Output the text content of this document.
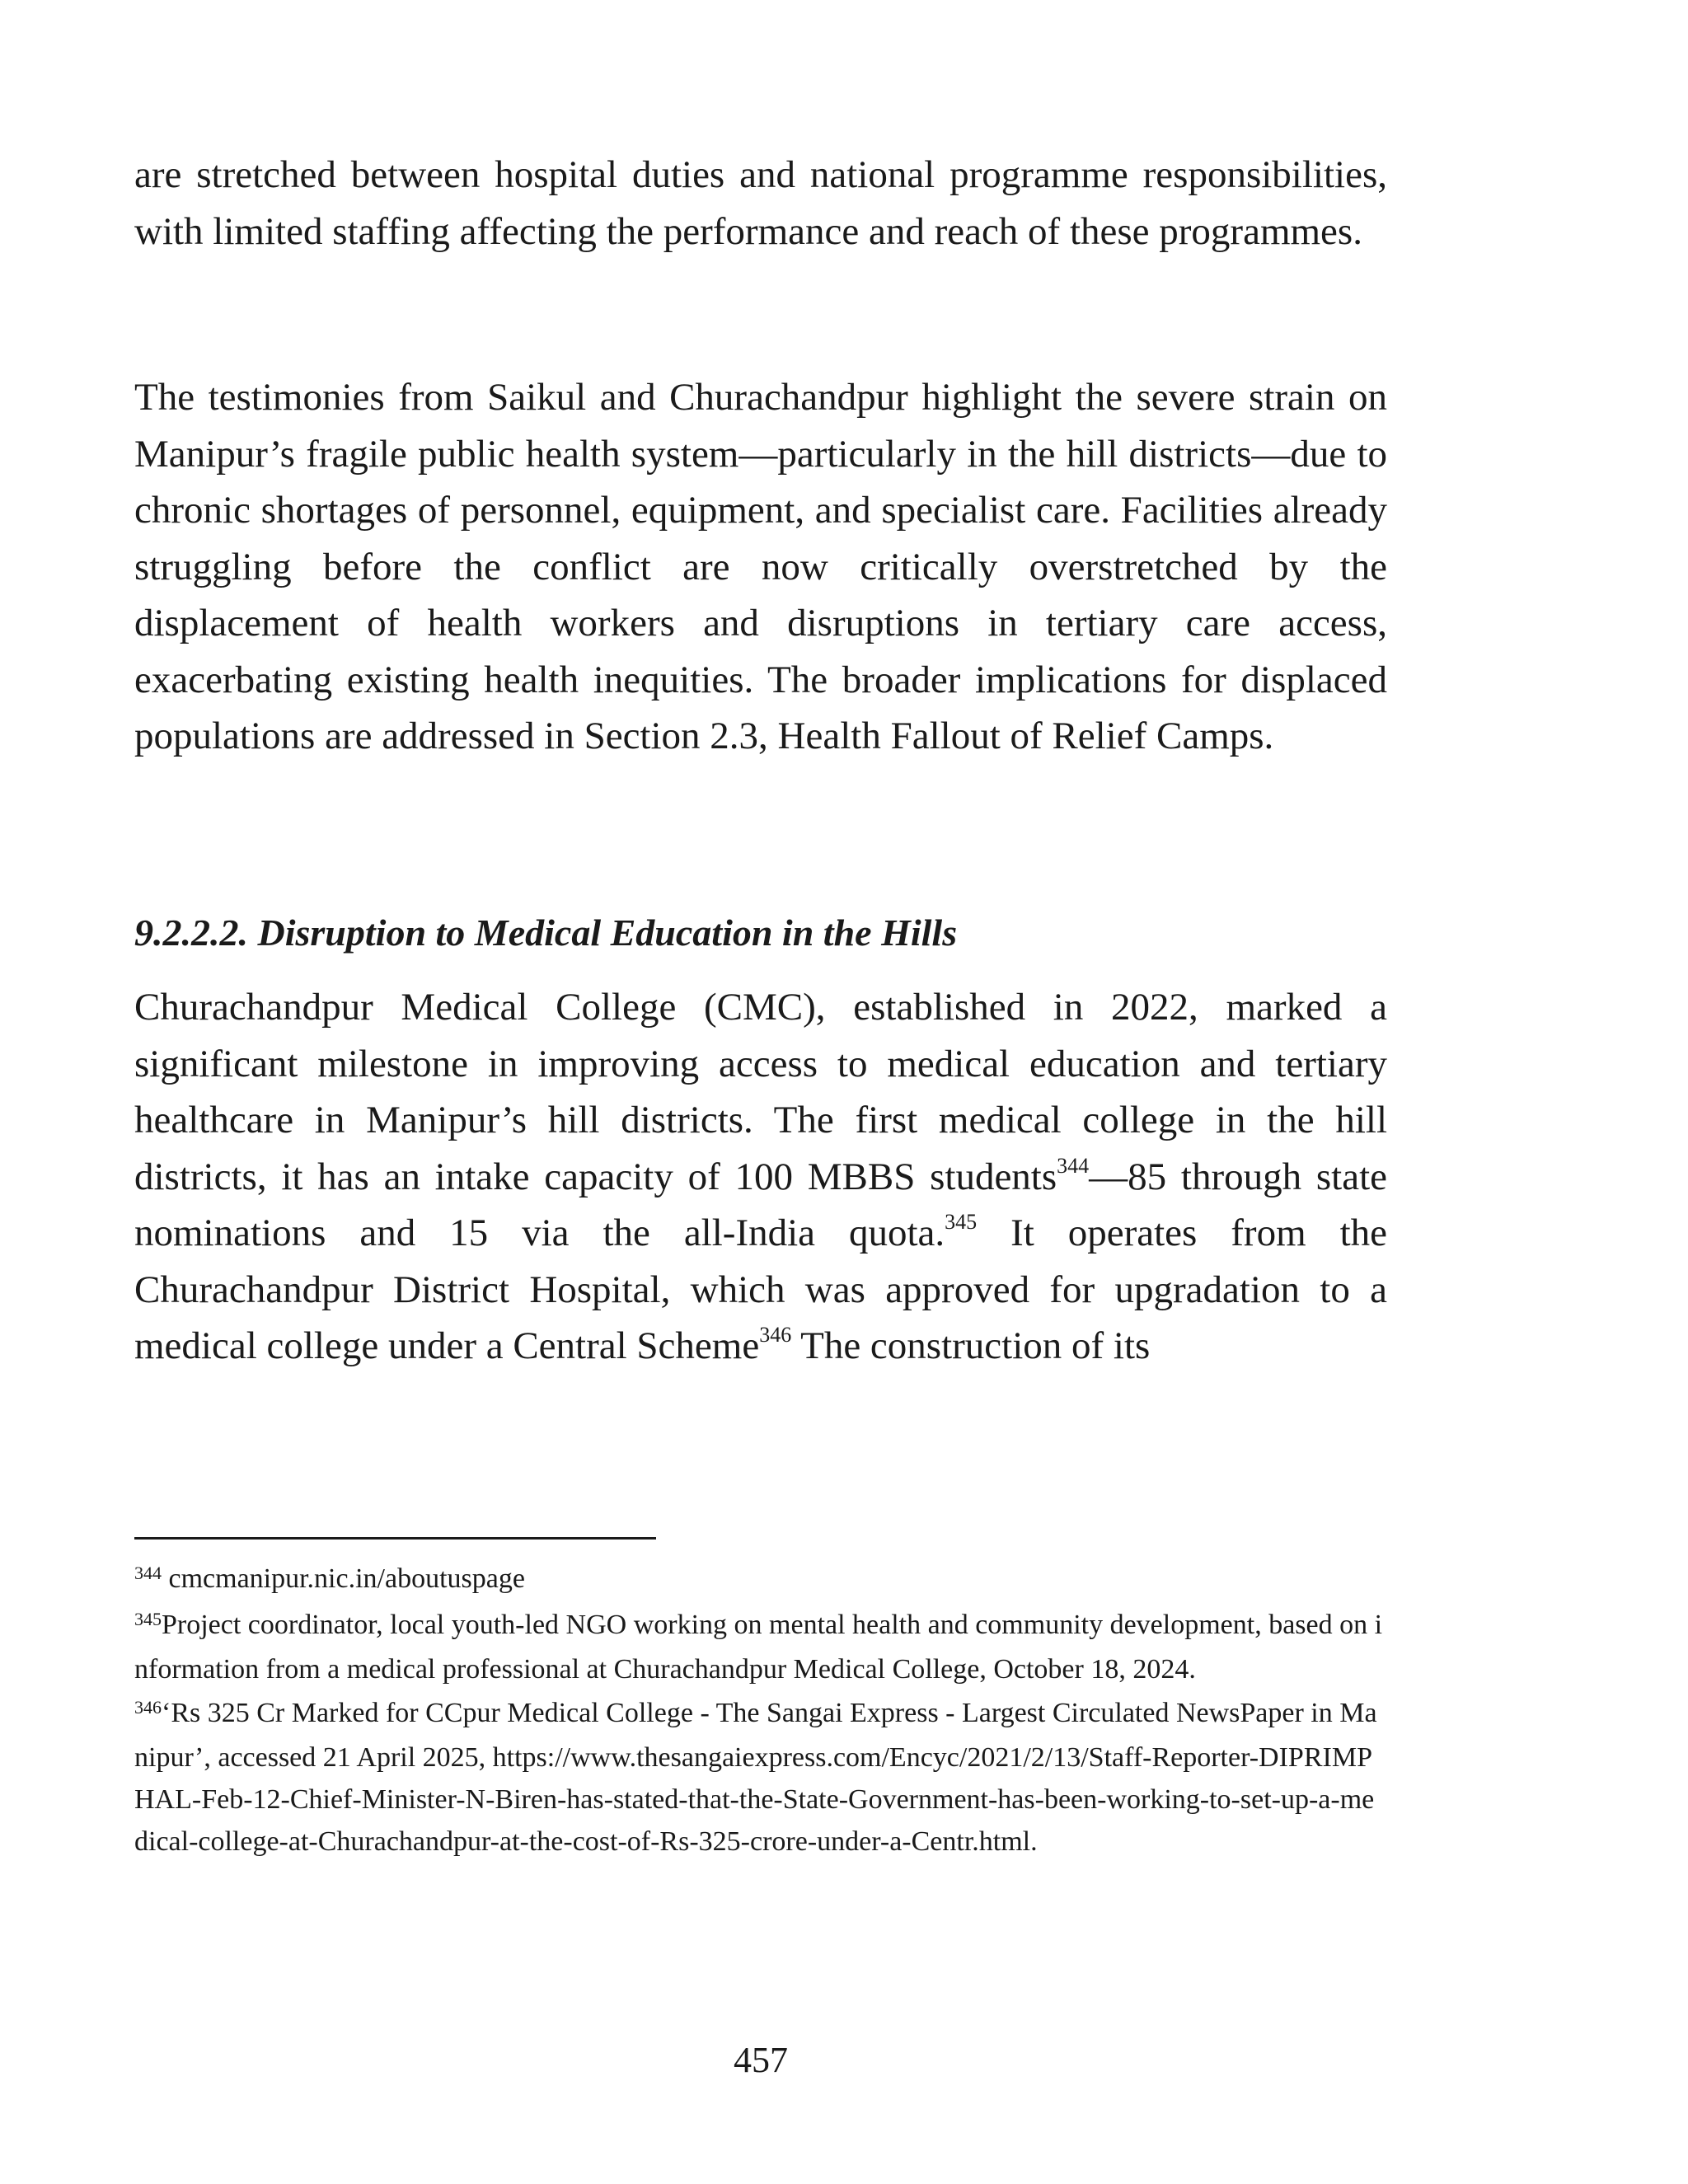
are stretched between hospital duties and national programme responsibilities, with limited staffing affecting the performance and reach of these programmes.

The testimonies from Saikul and Churachandpur highlight the severe strain on Manipur’s fragile public health system—particularly in the hill districts—due to chronic shortages of personnel, equipment, and specialist care. Facilities already struggling before the conflict are now critically overstretched by the displacement of health workers and disruptions in tertiary care access, exacerbating existing health inequities. The broader implications for displaced populations are addressed in Section 2.3, Health Fallout of Relief Camps.

9.2.2.2. Disruption to Medical Education in the Hills

Churachandpur Medical College (CMC), established in 2022, marked a significant milestone in improving access to medical education and tertiary healthcare in Manipur’s hill districts. The first medical college in the hill districts, it has an intake capacity of 100 MBBS students$^{344}$—85 through state nominations and 15 via the all-India quota.$^{345}$ It operates from the Churachandpur District Hospital, which was approved for upgradation to a medical college under a Central Scheme$^{346}$ The construction of its

$^{344}$ cmcmanipur.nic.in/aboutuspage

$^{345}$Project coordinator, local youth-led NGO working on mental health and community development, based on information from a medical professional at Churachandpur Medical College, October 18, 2024.

$^{346}$‘Rs 325 Cr Marked for CCpur Medical College - The Sangai Express - Largest Circulated NewsPaper in Manipur’, accessed 21 April 2025, https://www.thesangaiexpress.com/Encyc/2021/2/13/Staff-Reporter-DIPRIMPHAL-Feb-12-Chief-Minister-N-Biren-has-stated-that-the-State-Government-has-been-working-to-set-up-a-medical-college-at-Churachandpur-at-the-cost-of-Rs-325-crore-under-a-Centr.html.

457
